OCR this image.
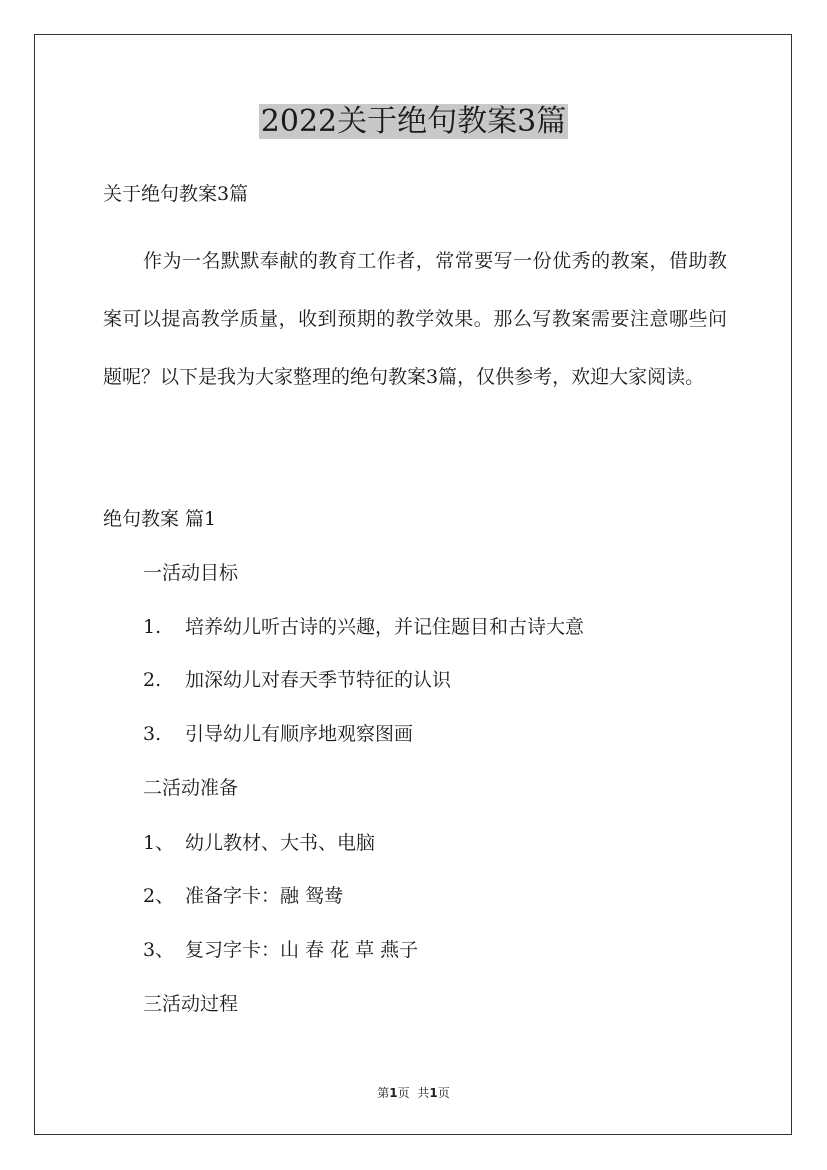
2022关于绝句教案3篇
关于绝句教案3篇
作为一名默默奉献的教育工作者，常常要写一份优秀的教案，借助教案可以提高教学质量，收到预期的教学效果。那么写教案需要注意哪些问题呢？以下是我为大家整理的绝句教案3篇，仅供参考，欢迎大家阅读。
绝句教案 篇1
一活动目标
1. 培养幼儿听古诗的兴趣，并记住题目和古诗大意
2. 加深幼儿对春天季节特征的认识
3. 引导幼儿有顺序地观察图画
二活动准备
1、 幼儿教材、大书、电脑
2、 准备字卡：融 鸳鸯
3、 复习字卡：山 春 花 草 燕子
三活动过程
第1页 共1页
